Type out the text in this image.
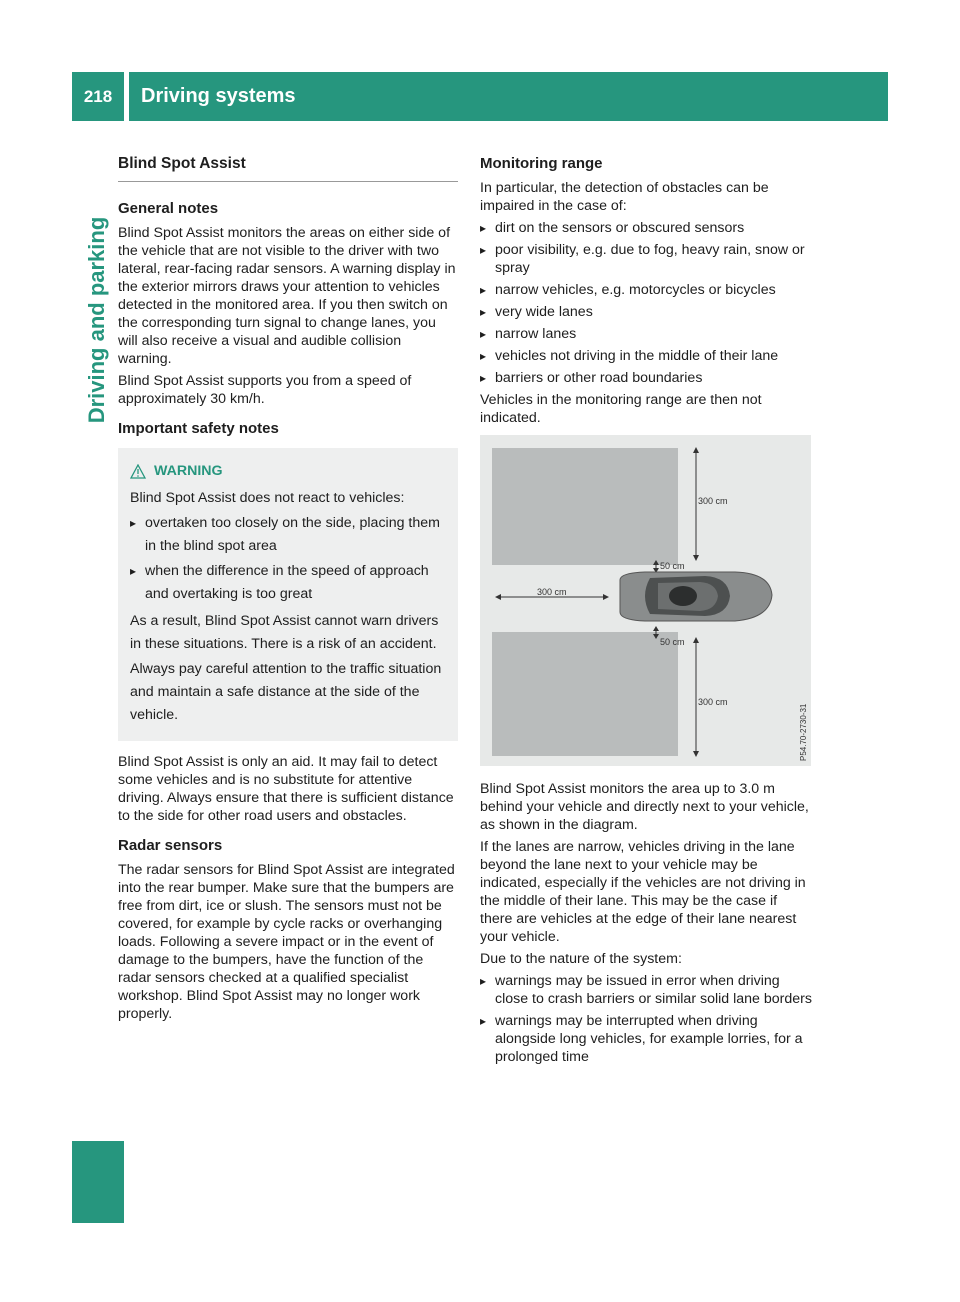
218	Driving systems
Driving and parking
Blind Spot Assist
General notes

Blind Spot Assist monitors the areas on either side of the vehicle that are not visible to the driver with two lateral, rear-facing radar sensors. A warning display in the exterior mirrors draws your attention to vehicles detected in the monitored area. If you then switch on the corresponding turn signal to change lanes, you will also receive a visual and audible collision warning.

Blind Spot Assist supports you from a speed of approximately 30 km/h.

Important safety notes
WARNING

Blind Spot Assist does not react to vehicles:

▸ overtaken too closely on the side, placing them in the blind spot area
▸ when the difference in the speed of approach and overtaking is too great

As a result, Blind Spot Assist cannot warn drivers in these situations. There is a risk of an accident.

Always pay careful attention to the traffic situation and maintain a safe distance at the side of the vehicle.

Blind Spot Assist is only an aid. It may fail to detect some vehicles and is no substitute for attentive driving. Always ensure that there is sufficient distance to the side for other road users and obstacles.

Radar sensors

The radar sensors for Blind Spot Assist are integrated into the rear bumper. Make sure that the bumpers are free from dirt, ice or slush. The sensors must not be covered, for example by cycle racks or overhanging loads. Following a severe impact or in the event of damage to the bumpers, have the function of the radar sensors checked at a qualified specialist workshop. Blind Spot Assist may no longer work properly.

Monitoring range

In particular, the detection of obstacles can be impaired in the case of:

▸ dirt on the sensors or obscured sensors
▸ poor visibility, e.g. due to fog, heavy rain, snow or spray
▸ narrow vehicles, e.g. motorcycles or bicycles
▸ very wide lanes
▸ narrow lanes
▸ vehicles not driving in the middle of their lane
▸ barriers or other road boundaries

Vehicles in the monitoring range are then not indicated.

300 cm
50 cm
300 cm
50 cm
300 cm
P54.70-2730-31

Blind Spot Assist monitors the area up to 3.0 m behind your vehicle and directly next to your vehicle, as shown in the diagram.

If the lanes are narrow, vehicles driving in the lane beyond the lane next to your vehicle may be indicated, especially if the vehicles are not driving in the middle of their lane. This may be the case if there are vehicles at the edge of their lane nearest your vehicle.

Due to the nature of the system:

▸ warnings may be issued in error when driving close to crash barriers or similar solid lane borders
▸ warnings may be interrupted when driving alongside long vehicles, for example lorries, for a prolonged time
